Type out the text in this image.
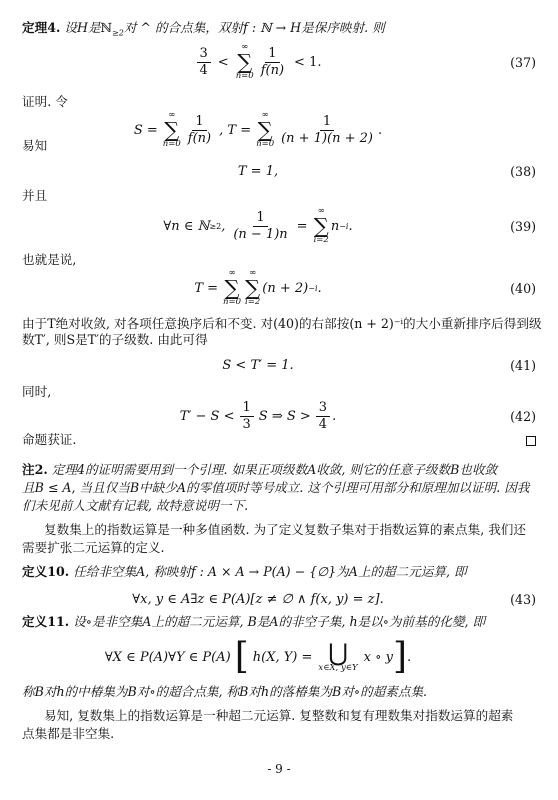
定理4. 设H是ℕ$_{\ge 2}$对 ^ 的合点集，双射f : ℕ → H是保序映射. 则
3
4
<
∞
∑
n=0
1
f(n)
< 1.	(37)
证明. 令
S =
∞
∑
n=0
1
f(n)
, T =
∞
∑
n=0
1
(n + 1)(n + 2)
.
易知
T = 1,	(38)
并且
∀n ∈ ℕ ≥2 , $\frac{1}{(n - 1)n}$ =
∞
∑
i=2
n −i .	(39)
也就是说,
T =
∞
∑
n=0
∞
∑
i=2
(n + 2) −i .	(40)
由于T绝对收敛, 对各项任意换序后和不变. 对(40)的右部按(n + 2)⁻ⁱ的大小重新排序后得到级
数T′, 则S是T′的子级数. 由此可得
S < T′ = 1.	(41)
同时,
T′ − S <
1
3
S ⇒ S >
3
4
.	(42)
命题获证.
注2. 定理4的证明需要用到一个引理. 如果正项级数A收敛, 则它的任意子级数B也收敛
且B ≤ A, 当且仅当B中缺少A的零值项时等号成立. 这个引理可用部分和原理加以证明. 因我
们未见前人文献有记载, 故特意说明一下.
复数集上的指数运算是一种多值函数. 为了定义复数子集对于指数运算的素点集, 我们还
需要扩张二元运算的定义.
定义10. 任给非空集A, 称映射f : A × A → P(A) − {∅}为A上的超二元运算, 即
∀x, y ∈ A∃z ∈ P(A)[z ≠ ∅ ∧ f(x, y) = z].	(43)
定义11. 设∘是非空集A上的超二元运算, B是A的非空子集, h是以∘为前基的化變, 即
∀X ∈ P(A)∀Y ∈ P(A) [ h(X, Y) = ⋃
x∈X, y∈Y
x ∘ y ] .
称B对h的中椿集为B对∘的超合点集, 称B对h的落椿集为B对∘的超素点集.
易知, 复数集上的指数运算是一种超二元运算. 复整数和复有理数集对指数运算的超素
点集都是非空集.
- 9 -
